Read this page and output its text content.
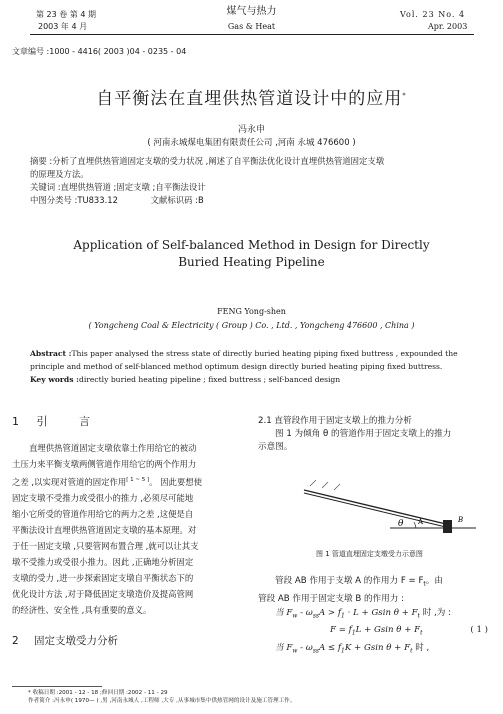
第 23 卷 第 4 期
2003 年 4 月
煤气与热力
Gas & Heat
Vol. 23 No. 4
Apr. 2003
文章编号 :1000 - 4416( 2003 )04 - 0235 - 04
自平衡法在直埋供热管道设计中的应用*
冯永申
( 河南永城煤电集团有限责任公司 ,河南 永城 476600 )
摘要 :分析了直埋供热管道固定支墩的受力状况 ,阐述了自平衡法优化设计直埋供热管道固定支墩
的原理及方法。
关键词 :直埋供热管道 ;固定支墩 ;自平衡法设计
中图分类号 :TU833.12	文献标识码 :B
Application of Self-balanced Method in Design for Directly
Buried Heating Pipeline
FENG Yong-shen
( Yongcheng Coal & Electricity ( Group ) Co. , Ltd. , Yongcheng 476600 , China )
Abstract :This paper analysed the stress state of directly buried heating piping fixed buttress , expounded the
principle and method of self-blanced method optimum design directly buried heating piping fixed buttress.
Key words :directly buried heating pipeline ; fixed buttress ; self-banced design
1 引 言
直埋供热管道固定支墩依靠土作用给它的被动
土压力来平衡支墩两侧管道作用给它的两个作用力
之差 ,以实现对管道的固定作用[ 1 ~ 5 ]。 因此要想使
固定支墩不受推力或受很小的推力 ,必须尽可能地
缩小它所受的管道作用给它的两力之差 ,这便是自
平衡法设计直埋供热管道固定支墩的基本原理。对
于任一固定支墩 ,只要管网布置合理 ,就可以让其支
墩不受推力或受很小推力。因此 ,正确地分析固定
支墩的受力 ,进一步探索固定支墩自平衡状态下的
优化设计方法 ,对于降低固定支墩造价及提高管网
的经济性、安全性 ,具有重要的意义。
2 固定支墩受力分析
2.1 直管段作用于固定支墩上的推力分析
图 1 为倾角 θ 的管道作用于固定支墩上的推力
示意图。
θ A	B
图 1 管道直埋固定支墩受力示意图
管段 AB 作用于支墩 A 的作用力 $F = F_t$。由
管段 AB 作用于固定支墩 B 的作用力 :
当 $F_w - \omega_{ss}A > f_1 \cdot L + Gsin$ $\theta + F_t$ 时 ,为 :
$F = f_1L + Gsin$ $\theta + F_t$	( 1 )
当 $F_w - \omega_{ss}A \le f_1K + Gsin$ $\theta + F_t$ 时 ,
* 收稿日期 :2001 - 12 - 18 ;修回日期 :2002 - 11 - 29
作者简介 :冯永申( 1970— ) ,男 ,河南永城人 ,工程师 ,大专 ,从事城市集中供热管网的设计及施工管理工作。
